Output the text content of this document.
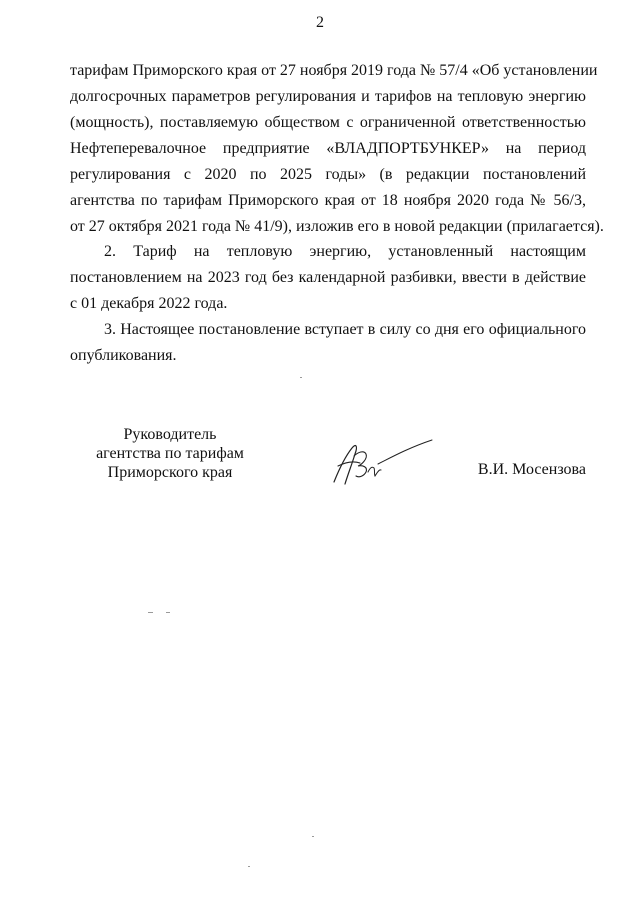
2
тарифам Приморского края от 27 ноября 2019 года № 57/4 «Об установлении
долгосрочных параметров регулирования и тарифов на тепловую энергию
(мощность), поставляемую обществом с ограниченной ответственностью
Нефтеперевалочное предприятие «ВЛАДПОРТБУНКЕР» на период
регулирования с 2020 по 2025 годы» (в редакции постановлений
агентства по тарифам Приморского края от 18 ноября 2020 года № 56/3,
от 27 октября 2021 года № 41/9), изложив его в новой редакции (прилагается).
2. Тариф на тепловую энергию, установленный настоящим
постановлением на 2023 год без календарной разбивки, ввести в действие
с 01 декабря 2022 года.
3. Настоящее постановление вступает в силу со дня его официального
опубликования.
Руководитель
агентства по тарифам
Приморского края	В.И. Мосензова
